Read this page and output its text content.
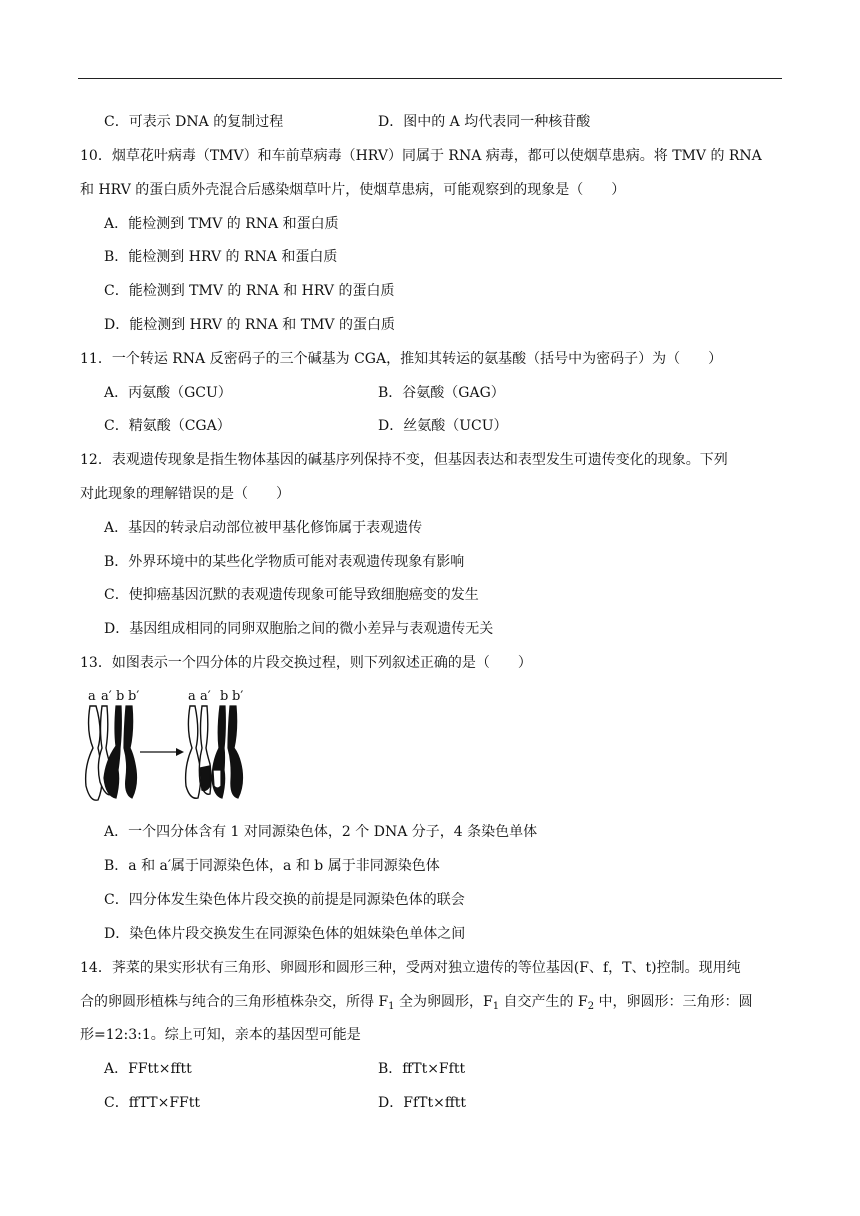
C．可表示 DNA 的复制过程	D．图中的 A 均代表同一种核苷酸
10．烟草花叶病毒（TMV）和车前草病毒（HRV）同属于 RNA 病毒，都可以使烟草患病。将 TMV 的 RNA
和 HRV 的蛋白质外壳混合后感染烟草叶片，使烟草患病，可能观察到的现象是（　　）
A．能检测到 TMV 的 RNA 和蛋白质
B．能检测到 HRV 的 RNA 和蛋白质
C．能检测到 TMV 的 RNA 和 HRV 的蛋白质
D．能检测到 HRV 的 RNA 和 TMV 的蛋白质
11．一个转运 RNA 反密码子的三个碱基为 CGA，推知其转运的氨基酸（括号中为密码子）为（　　）
A．丙氨酸（GCU）	B．谷氨酸（GAG）
C．精氨酸（CGA）	D．丝氨酸（UCU）
12．表观遗传现象是指生物体基因的碱基序列保持不变，但基因表达和表型发生可遗传变化的现象。下列
对此现象的理解错误的是（　　）
A．基因的转录启动部位被甲基化修饰属于表观遗传
B．外界环境中的某些化学物质可能对表观遗传现象有影响
C．使抑癌基因沉默的表观遗传现象可能导致细胞癌变的发生
D．基因组成相同的同卵双胞胎之间的微小差异与表观遗传无关
13．如图表示一个四分体的片段交换过程，则下列叙述正确的是（　　）
a a′ b b′	a a′ b b′
A．一个四分体含有 1 对同源染色体，2 个 DNA 分子，4 条染色单体
B．a 和 a′属于同源染色体，a 和 b 属于非同源染色体
C．四分体发生染色体片段交换的前提是同源染色体的联会
D．染色体片段交换发生在同源染色体的姐妹染色单体之间
14．荠菜的果实形状有三角形、卵圆形和圆形三种，受两对独立遗传的等位基因(F、f，T、t)控制。现用纯
合的卵圆形植株与纯合的三角形植株杂交，所得 $F_1$ 全为卵圆形，$F_1$ 自交产生的 $F_2$ 中，卵圆形：三角形：圆
形=12:3:1。综上可知，亲本的基因型可能是
A．FFtt×fftt	B．ffTt×Fftt
C．ffTT×FFtt	D．FfTt×fftt
